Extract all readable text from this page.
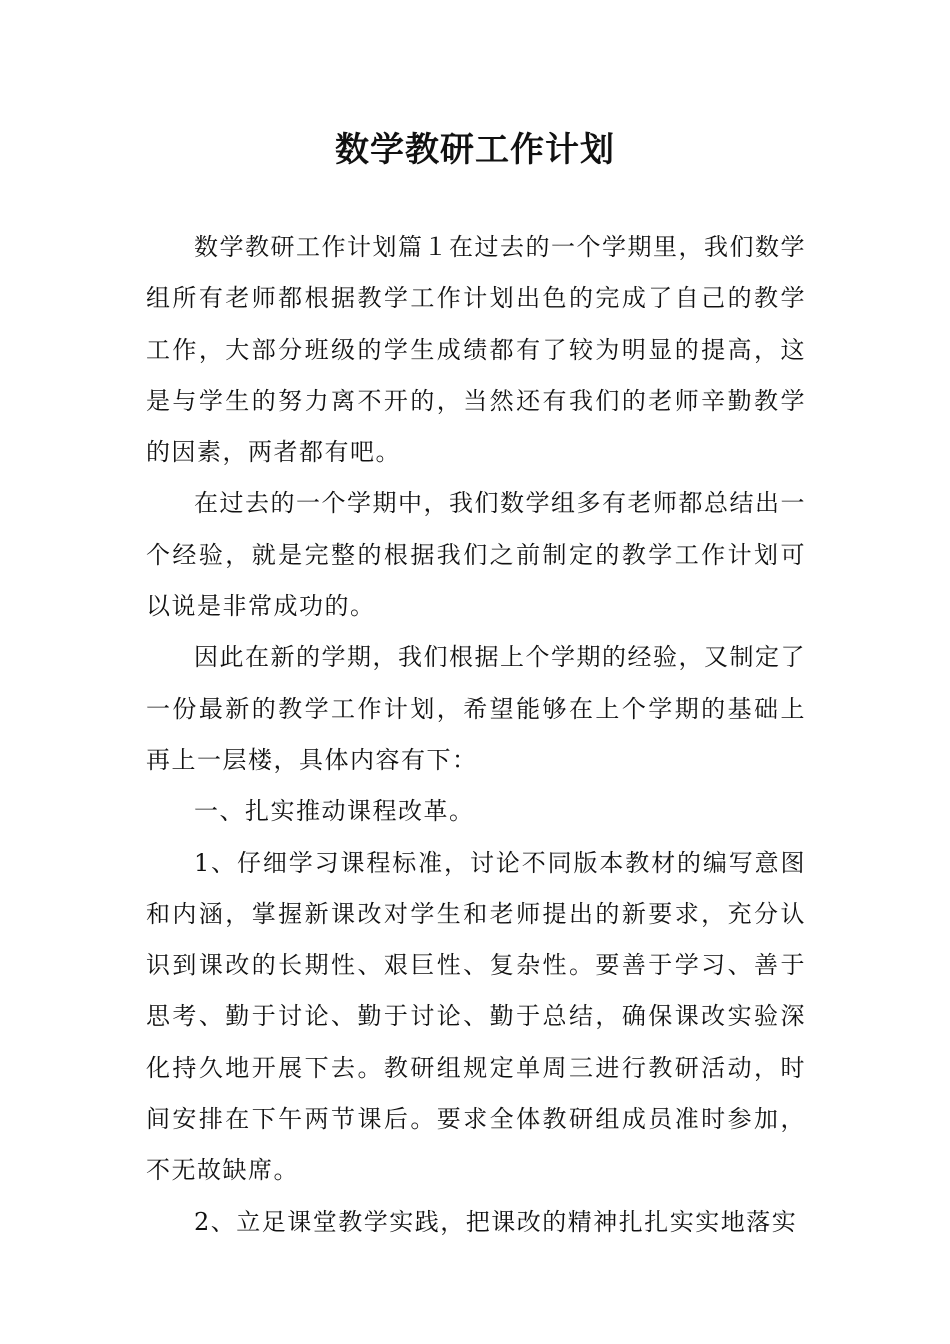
数学教研工作计划

数学教研工作计划篇１在过去的一个学期里，我们数学组所有老师都根据教学工作计划出色的完成了自己的教学工作，大部分班级的学生成绩都有了较为明显的提高，这是与学生的努力离不开的，当然还有我们的老师辛勤教学的因素，两者都有吧。

在过去的一个学期中，我们数学组多有老师都总结出一个经验，就是完整的根据我们之前制定的教学工作计划可以说是非常成功的。

因此在新的学期，我们根据上个学期的经验，又制定了一份最新的教学工作计划，希望能够在上个学期的基础上再上一层楼，具体内容有下：

一、扎实推动课程改革。

1、仔细学习课程标准，讨论不同版本教材的编写意图和内涵，掌握新课改对学生和老师提出的新要求，充分认识到课改的长期性、艰巨性、复杂性。要善于学习、善于思考、勤于讨论、勤于讨论、勤于总结，确保课改实验深化持久地开展下去。教研组规定单周三进行教研活动，时间安排在下午两节课后。要求全体教研组成员准时参加，不无故缺席。

2、立足课堂教学实践，把课改的精神扎扎实实地落实
